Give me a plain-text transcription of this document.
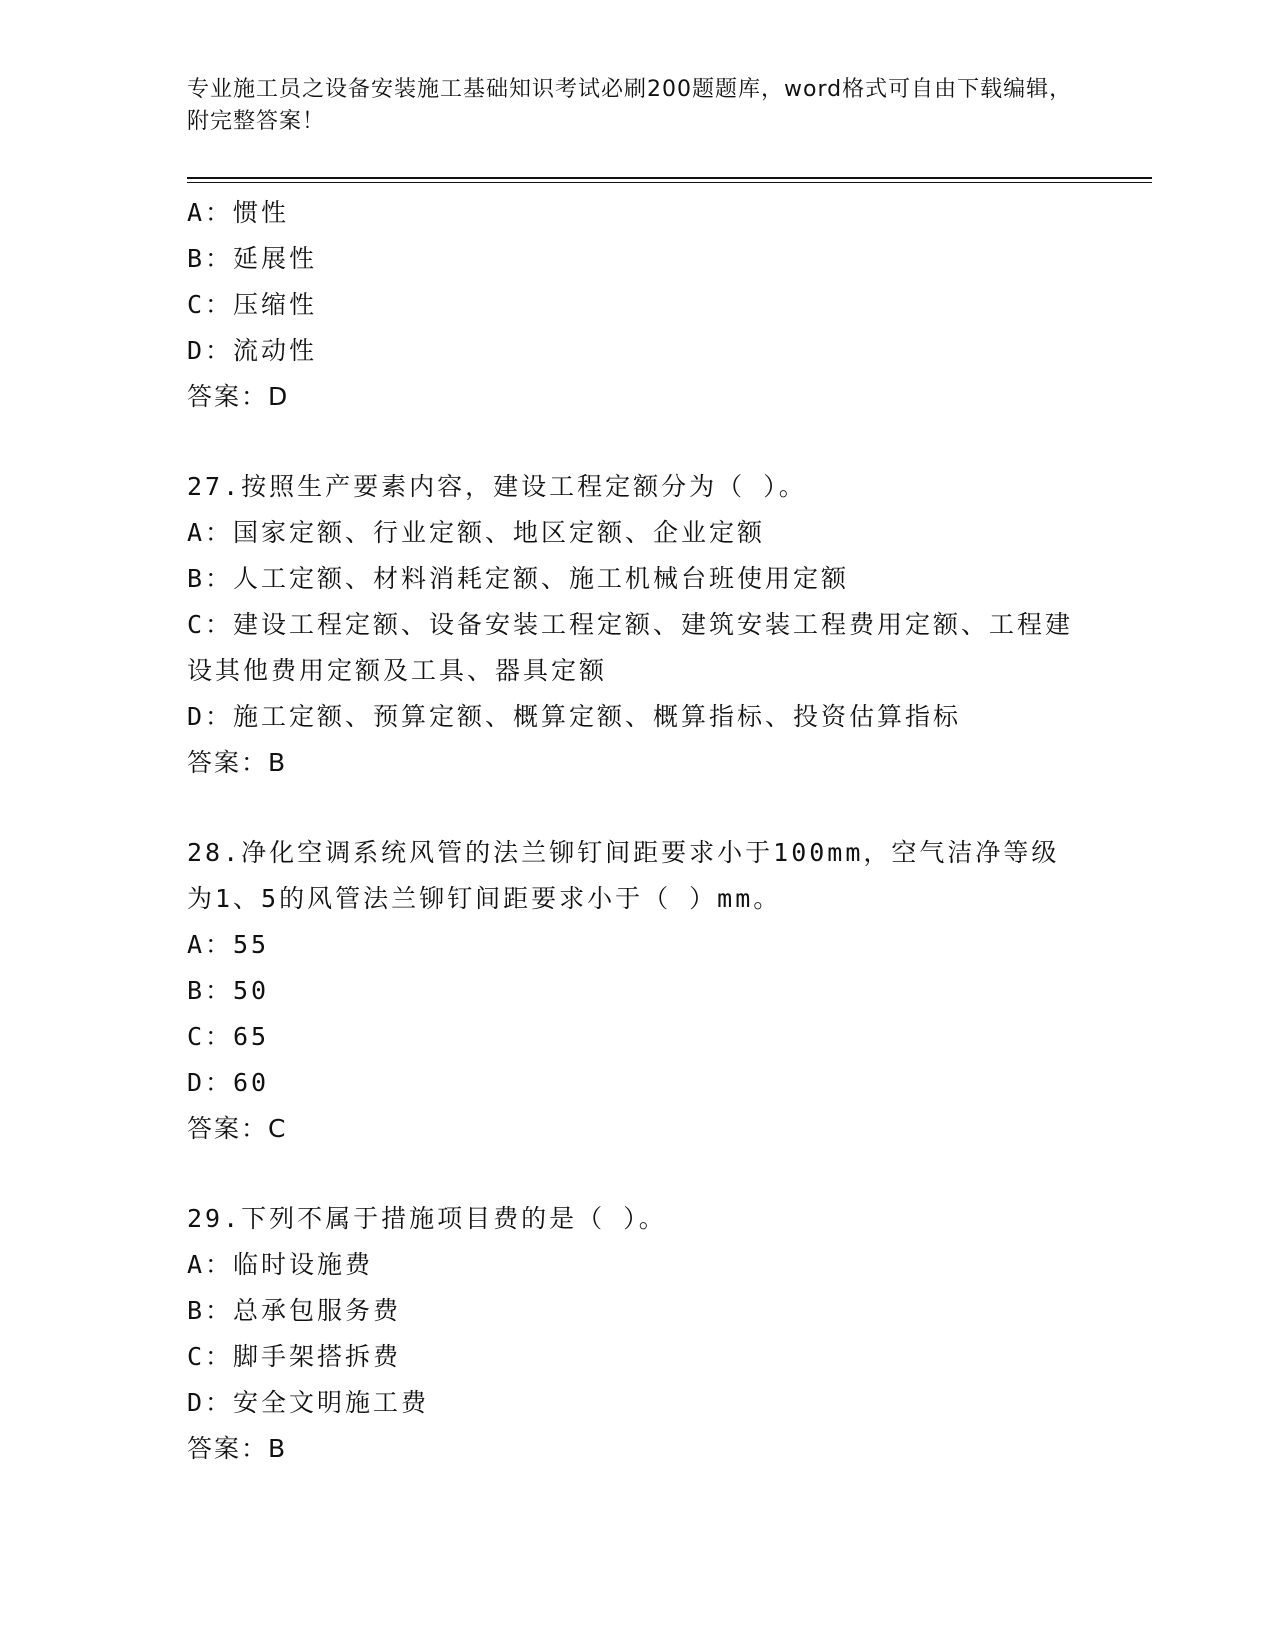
专业施工员之设备安装施工基础知识考试必刷200题题库，word格式可自由下载编辑，附完整答案！
A：惯性
B：延展性
C：压缩性
D：流动性
答案：D
27.按照生产要素内容，建设工程定额分为（ ）。
A：国家定额、行业定额、地区定额、企业定额
B：人工定额、材料消耗定额、施工机械台班使用定额
C：建设工程定额、设备安装工程定额、建筑安装工程费用定额、工程建设其他费用定额及工具、器具定额
D：施工定额、预算定额、概算定额、概算指标、投资估算指标
答案：B
28.净化空调系统风管的法兰铆钉间距要求小于100mm，空气洁净等级为1、5的风管法兰铆钉间距要求小于（ ）mm。
A：55
B：50
C：65
D：60
答案：C
29.下列不属于措施项目费的是（ ）。
A：临时设施费
B：总承包服务费
C：脚手架搭拆费
D：安全文明施工费
答案：B
